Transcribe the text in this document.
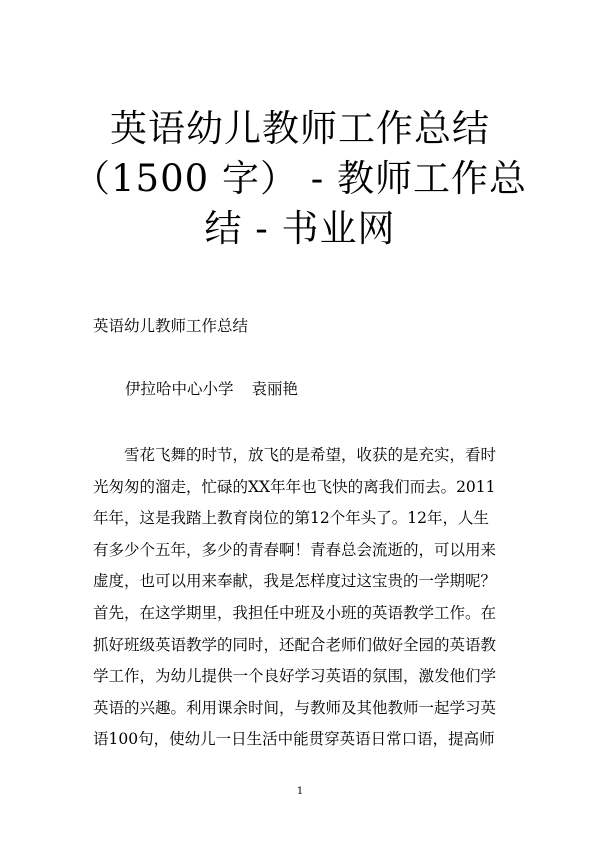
英语幼儿教师工作总结（1500 字） - 教师工作总结 - 书业网

英语幼儿教师工作总结

伊拉哈中心小学 袁丽艳

　　雪花飞舞的时节，放飞的是希望，收获的是充实，看时
光匆匆的溜走，忙碌的XX年年也飞快的离我们而去。2011
年年，这是我踏上教育岗位的第12个年头了。12年，人生
有多少个五年，多少的青春啊！青春总会流逝的，可以用来
虚度，也可以用来奉献，我是怎样度过这宝贵的一学期呢？
首先，在这学期里，我担任中班及小班的英语教学工作。在
抓好班级英语教学的同时，还配合老师们做好全园的英语教
学工作，为幼儿提供一个良好学习英语的氛围，激发他们学
英语的兴趣。利用课余时间，与教师及其他教师一起学习英
语100句，使幼儿一日生活中能贯穿英语日常口语，提高师

1
